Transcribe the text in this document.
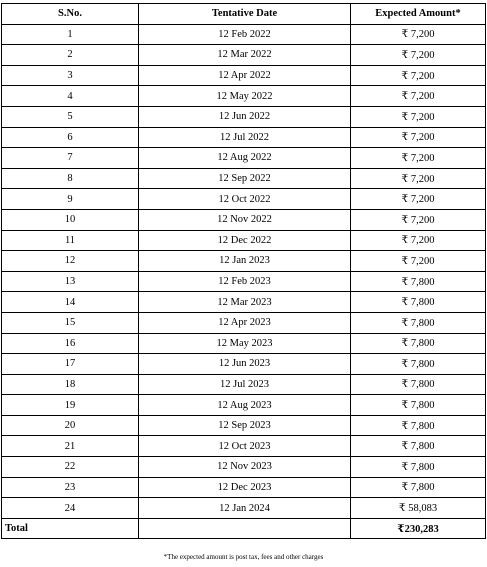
S.No.	Tentative Date	Expected Amount*
1	12 Feb 2022	₹ 7,200
2	12 Mar 2022	₹ 7,200
3	12 Apr 2022	₹ 7,200
4	12 May 2022	₹ 7,200
5	12 Jun 2022	₹ 7,200
6	12 Jul 2022	₹ 7,200
7	12 Aug 2022	₹ 7,200
8	12 Sep 2022	₹ 7,200
9	12 Oct 2022	₹ 7,200
10	12 Nov 2022	₹ 7,200
11	12 Dec 2022	₹ 7,200
12	12 Jan 2023	₹ 7,200
13	12 Feb 2023	₹ 7,800
14	12 Mar 2023	₹ 7,800
15	12 Apr 2023	₹ 7,800
16	12 May 2023	₹ 7,800
17	12 Jun 2023	₹ 7,800
18	12 Jul 2023	₹ 7,800
19	12 Aug 2023	₹ 7,800
20	12 Sep 2023	₹ 7,800
21	12 Oct 2023	₹ 7,800
22	12 Nov 2023	₹ 7,800
23	12 Dec 2023	₹ 7,800
24	12 Jan 2024	₹ 58,083
Total		₹230,283
*The expected amount is post tax, fees and other charges
